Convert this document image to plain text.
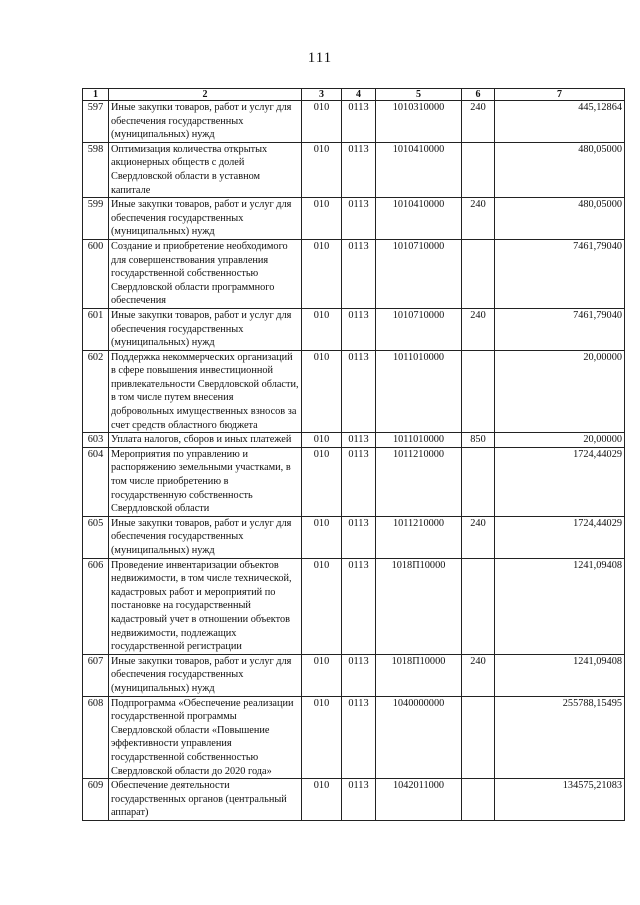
111
1	2	3	4	5	6	7
597	Иные закупки товаров, работ и услуг для обеспечения государственных (муниципальных) нужд	010	0113	1010310000	240	445,12864
598	Оптимизация количества открытых акционерных обществ с долей Свердловской области в уставном капитале	010	0113	1010410000		480,05000
599	Иные закупки товаров, работ и услуг для обеспечения государственных (муниципальных) нужд	010	0113	1010410000	240	480,05000
600	Создание и приобретение необходимого для совершенствования управления государственной собственностью Свердловской области программного обеспечения	010	0113	1010710000		7461,79040
601	Иные закупки товаров, работ и услуг для обеспечения государственных (муниципальных) нужд	010	0113	1010710000	240	7461,79040
602	Поддержка некоммерческих организаций в сфере повышения инвестиционной привлекательности Свердловской области, в том числе путем внесения добровольных имущественных взносов за счет средств областного бюджета	010	0113	1011010000		20,00000
603	Уплата налогов, сборов и иных платежей	010	0113	1011010000	850	20,00000
604	Мероприятия по управлению и распоряжению земельными участками, в том числе приобретению в государственную собственность Свердловской области	010	0113	1011210000		1724,44029
605	Иные закупки товаров, работ и услуг для обеспечения государственных (муниципальных) нужд	010	0113	1011210000	240	1724,44029
606	Проведение инвентаризации объектов недвижимости, в том числе технической, кадастровых работ и мероприятий по постановке на государственный кадастровый учет в отношении объектов недвижимости, подлежащих государственной регистрации	010	0113	1018П10000		1241,09408
607	Иные закупки товаров, работ и услуг для обеспечения государственных (муниципальных) нужд	010	0113	1018П10000	240	1241,09408
608	Подпрограмма «Обеспечение реализации государственной программы Свердловской области «Повышение эффективности управления государственной собственностью Свердловской области до 2020 года»	010	0113	1040000000		255788,15495
609	Обеспечение деятельности государственных органов (центральный аппарат)	010	0113	1042011000		134575,21083
